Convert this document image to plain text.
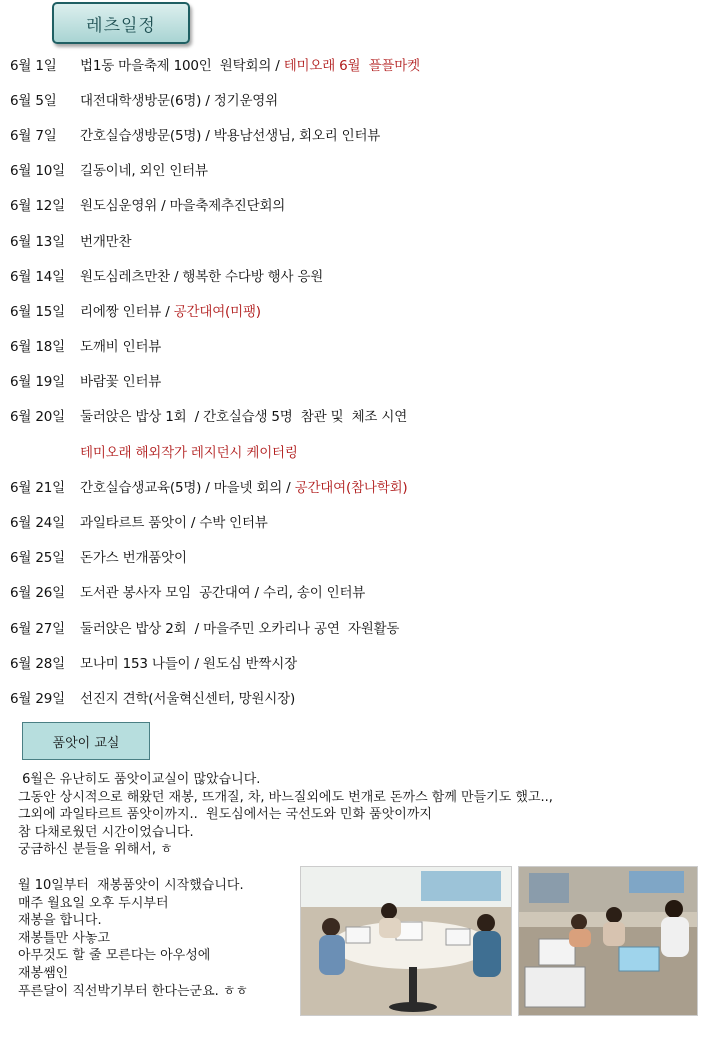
레츠일정
6월 1일	법1동 마을축제 100인  원탁회의 / 테미오래 6월  플플마켓
6월 5일	대전대학생방문(6명) / 정기운영위
6월 7일	간호실습생방문(5명) / 박용남선생님, 회오리 인터뷰
6월 10일	길동이네, 외인 인터뷰
6월 12일	원도심운영위 / 마을축제추진단회의
6월 13일	번개만찬
6월 14일	원도심레츠만찬 / 행복한 수다방 행사 응원
6월 15일	리에짱 인터뷰 / 공간대여(미팽)
6월 18일	도깨비 인터뷰
6월 19일	바람꽃 인터뷰
6월 20일	둘러앉은 밥상 1회  / 간호실습생 5명  참관 및  체조 시연
테미오래 해외작가 레지던시 케이터링
6월 21일	간호실습생교육(5명) / 마을넷 회의 / 공간대여(참나학회)
6월 24일	과일타르트 품앗이 / 수박 인터뷰
6월 25일	돈가스 번개품앗이
6월 26일	도서관 봉사자 모임  공간대여 / 수리, 송이 인터뷰
6월 27일	둘러앉은 밥상 2회  / 마을주민 오카리나 공연  자원활동
6월 28일	모나미 153 나들이 / 원도심 반짝시장
6월 29일	선진지 견학(서울혁신센터, 망원시장)
품앗이 교실
6월은 유난히도 품앗이교실이 많았습니다.
그동안 상시적으로 해왔던 재봉, 뜨개질, 차, 바느질외에도 번개로 돈까스 함께 만들기도 했고..,
그외에 과일타르트 품앗이까지..  원도심에서는 국선도와 민화 품앗이까지
참 다채로웠던 시간이었습니다.
궁금하신 분들을 위해서, ㅎ
월 10일부터  재봉품앗이 시작했습니다.
매주 월요일 오후 두시부터
재봉을 합니다.
재봉틀만 사놓고
아무것도 할 줄 모른다는 아우성에
재봉쌤인
푸른달이 직선박기부터 한다는군요. ㅎㅎ
